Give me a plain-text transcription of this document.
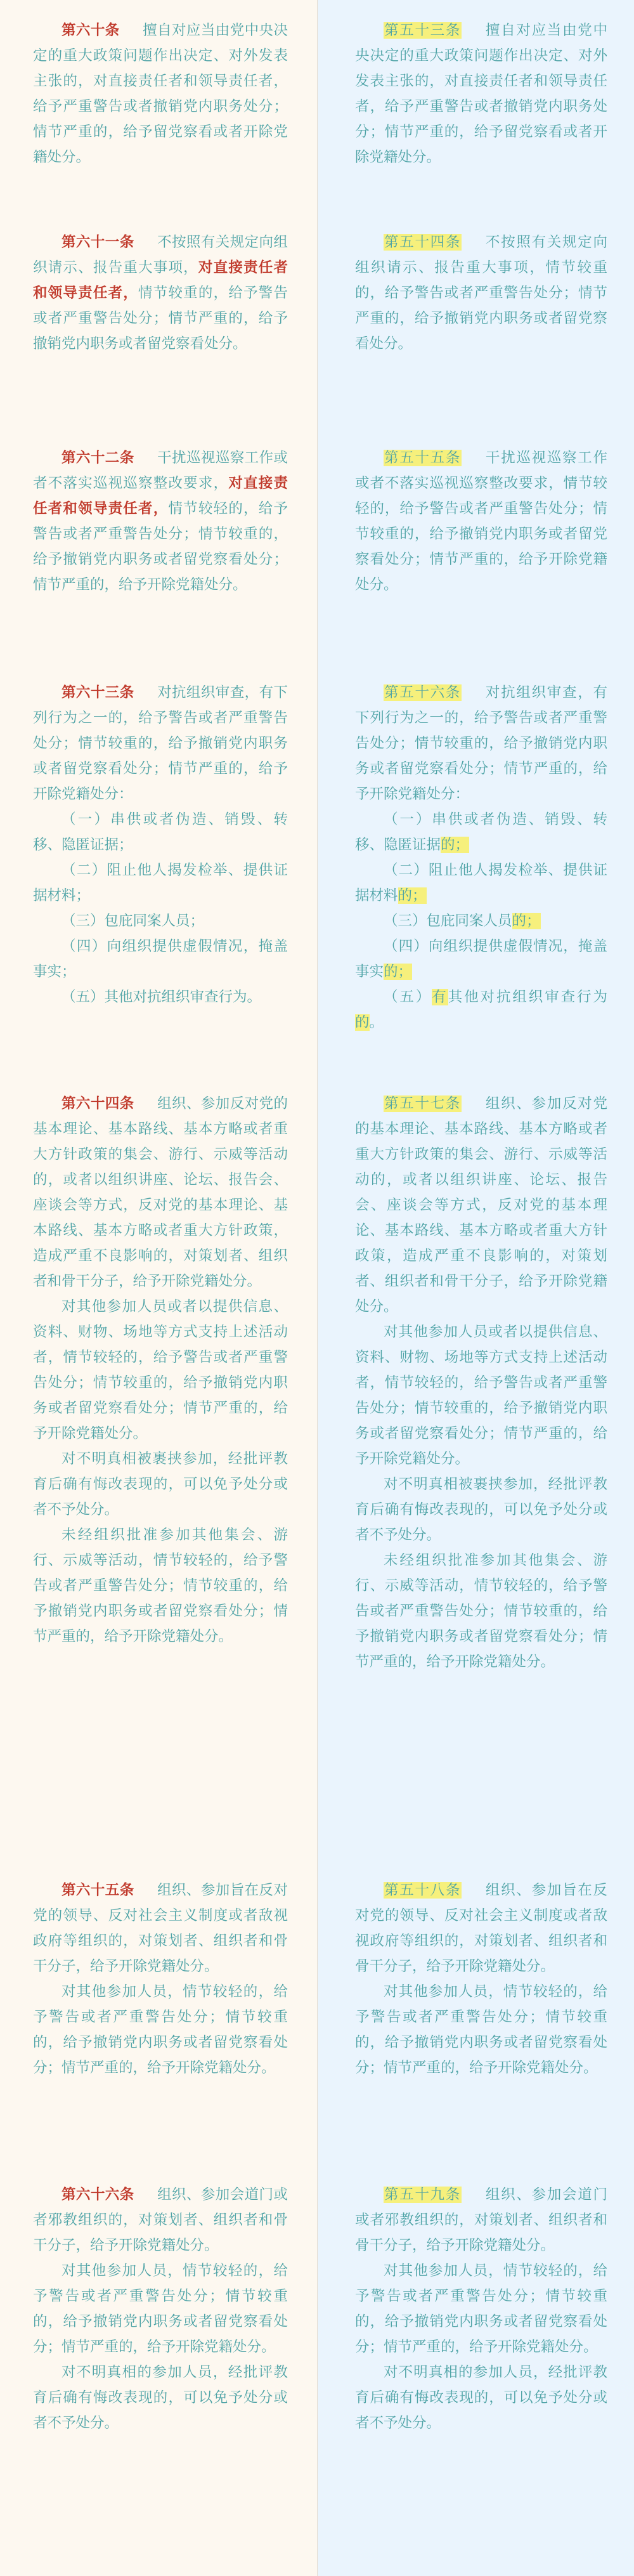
第六十条 擅自对应当由党中央决定的重大政策问题作出决定、对外发表主张的，对直接责任者和领导责任者，给予严重警告或者撤销党内职务处分；情节严重的，给予留党察看或者开除党籍处分。

第六十一条 不按照有关规定向组织请示、报告重大事项，对直接责任者和领导责任者，情节较重的，给予警告或者严重警告处分；情节严重的，给予撤销党内职务或者留党察看处分。

第六十二条 干扰巡视巡察工作或者不落实巡视巡察整改要求，对直接责任者和领导责任者，情节较轻的，给予警告或者严重警告处分；情节较重的，给予撤销党内职务或者留党察看处分；情节严重的，给予开除党籍处分。

第六十三条 对抗组织审查，有下列行为之一的，给予警告或者严重警告处分；情节较重的，给予撤销党内职务或者留党察看处分；情节严重的，给予开除党籍处分：

（一）串供或者伪造、销毁、转移、隐匿证据；

（二）阻止他人揭发检举、提供证据材料；

（三）包庇同案人员；

（四）向组织提供虚假情况，掩盖事实；

（五）其他对抗组织审查行为。

第六十四条 组织、参加反对党的基本理论、基本路线、基本方略或者重大方针政策的集会、游行、示威等活动的，或者以组织讲座、论坛、报告会、座谈会等方式，反对党的基本理论、基本路线、基本方略或者重大方针政策，造成严重不良影响的，对策划者、组织者和骨干分子，给予开除党籍处分。

对其他参加人员或者以提供信息、资料、财物、场地等方式支持上述活动者，情节较轻的，给予警告或者严重警告处分；情节较重的，给予撤销党内职务或者留党察看处分；情节严重的，给予开除党籍处分。

对不明真相被裹挟参加，经批评教育后确有悔改表现的，可以免予处分或者不予处分。

未经组织批准参加其他集会、游行、示威等活动，情节较轻的，给予警告或者严重警告处分；情节较重的，给予撤销党内职务或者留党察看处分；情节严重的，给予开除党籍处分。

第六十五条 组织、参加旨在反对党的领导、反对社会主义制度或者敌视政府等组织的，对策划者、组织者和骨干分子，给予开除党籍处分。

对其他参加人员，情节较轻的，给予警告或者严重警告处分；情节较重的，给予撤销党内职务或者留党察看处分；情节严重的，给予开除党籍处分。

第六十六条 组织、参加会道门或者邪教组织的，对策划者、组织者和骨干分子，给予开除党籍处分。

对其他参加人员，情节较轻的，给予警告或者严重警告处分；情节较重的，给予撤销党内职务或者留党察看处分；情节严重的，给予开除党籍处分。

对不明真相的参加人员，经批评教育后确有悔改表现的，可以免予处分或者不予处分。

第五十三条 擅自对应当由党中央决定的重大政策问题作出决定、对外发表主张的，对直接责任者和领导责任者，给予严重警告或者撤销党内职务处分；情节严重的，给予留党察看或者开除党籍处分。

第五十四条 不按照有关规定向组织请示、报告重大事项，情节较重的，给予警告或者严重警告处分；情节严重的，给予撤销党内职务或者留党察看处分。

第五十五条 干扰巡视巡察工作或者不落实巡视巡察整改要求，情节较轻的，给予警告或者严重警告处分；情节较重的，给予撤销党内职务或者留党察看处分；情节严重的，给予开除党籍处分。

第五十六条 对抗组织审查，有下列行为之一的，给予警告或者严重警告处分；情节较重的，给予撤销党内职务或者留党察看处分；情节严重的，给予开除党籍处分：

（一）串供或者伪造、销毁、转移、隐匿证据的；

（二）阻止他人揭发检举、提供证据材料的；

（三）包庇同案人员的；

（四）向组织提供虚假情况，掩盖事实的；

（五）有其他对抗组织审查行为的。

第五十七条 组织、参加反对党的基本理论、基本路线、基本方略或者重大方针政策的集会、游行、示威等活动的，或者以组织讲座、论坛、报告会、座谈会等方式，反对党的基本理论、基本路线、基本方略或者重大方针政策，造成严重不良影响的，对策划者、组织者和骨干分子，给予开除党籍处分。

对其他参加人员或者以提供信息、资料、财物、场地等方式支持上述活动者，情节较轻的，给予警告或者严重警告处分；情节较重的，给予撤销党内职务或者留党察看处分；情节严重的，给予开除党籍处分。

对不明真相被裹挟参加，经批评教育后确有悔改表现的，可以免予处分或者不予处分。

未经组织批准参加其他集会、游行、示威等活动，情节较轻的，给予警告或者严重警告处分；情节较重的，给予撤销党内职务或者留党察看处分；情节严重的，给予开除党籍处分。

第五十八条 组织、参加旨在反对党的领导、反对社会主义制度或者敌视政府等组织的，对策划者、组织者和骨干分子，给予开除党籍处分。

对其他参加人员，情节较轻的，给予警告或者严重警告处分；情节较重的，给予撤销党内职务或者留党察看处分；情节严重的，给予开除党籍处分。

第五十九条 组织、参加会道门或者邪教组织的，对策划者、组织者和骨干分子，给予开除党籍处分。

对其他参加人员，情节较轻的，给予警告或者严重警告处分；情节较重的，给予撤销党内职务或者留党察看处分；情节严重的，给予开除党籍处分。

对不明真相的参加人员，经批评教育后确有悔改表现的，可以免予处分或者不予处分。
